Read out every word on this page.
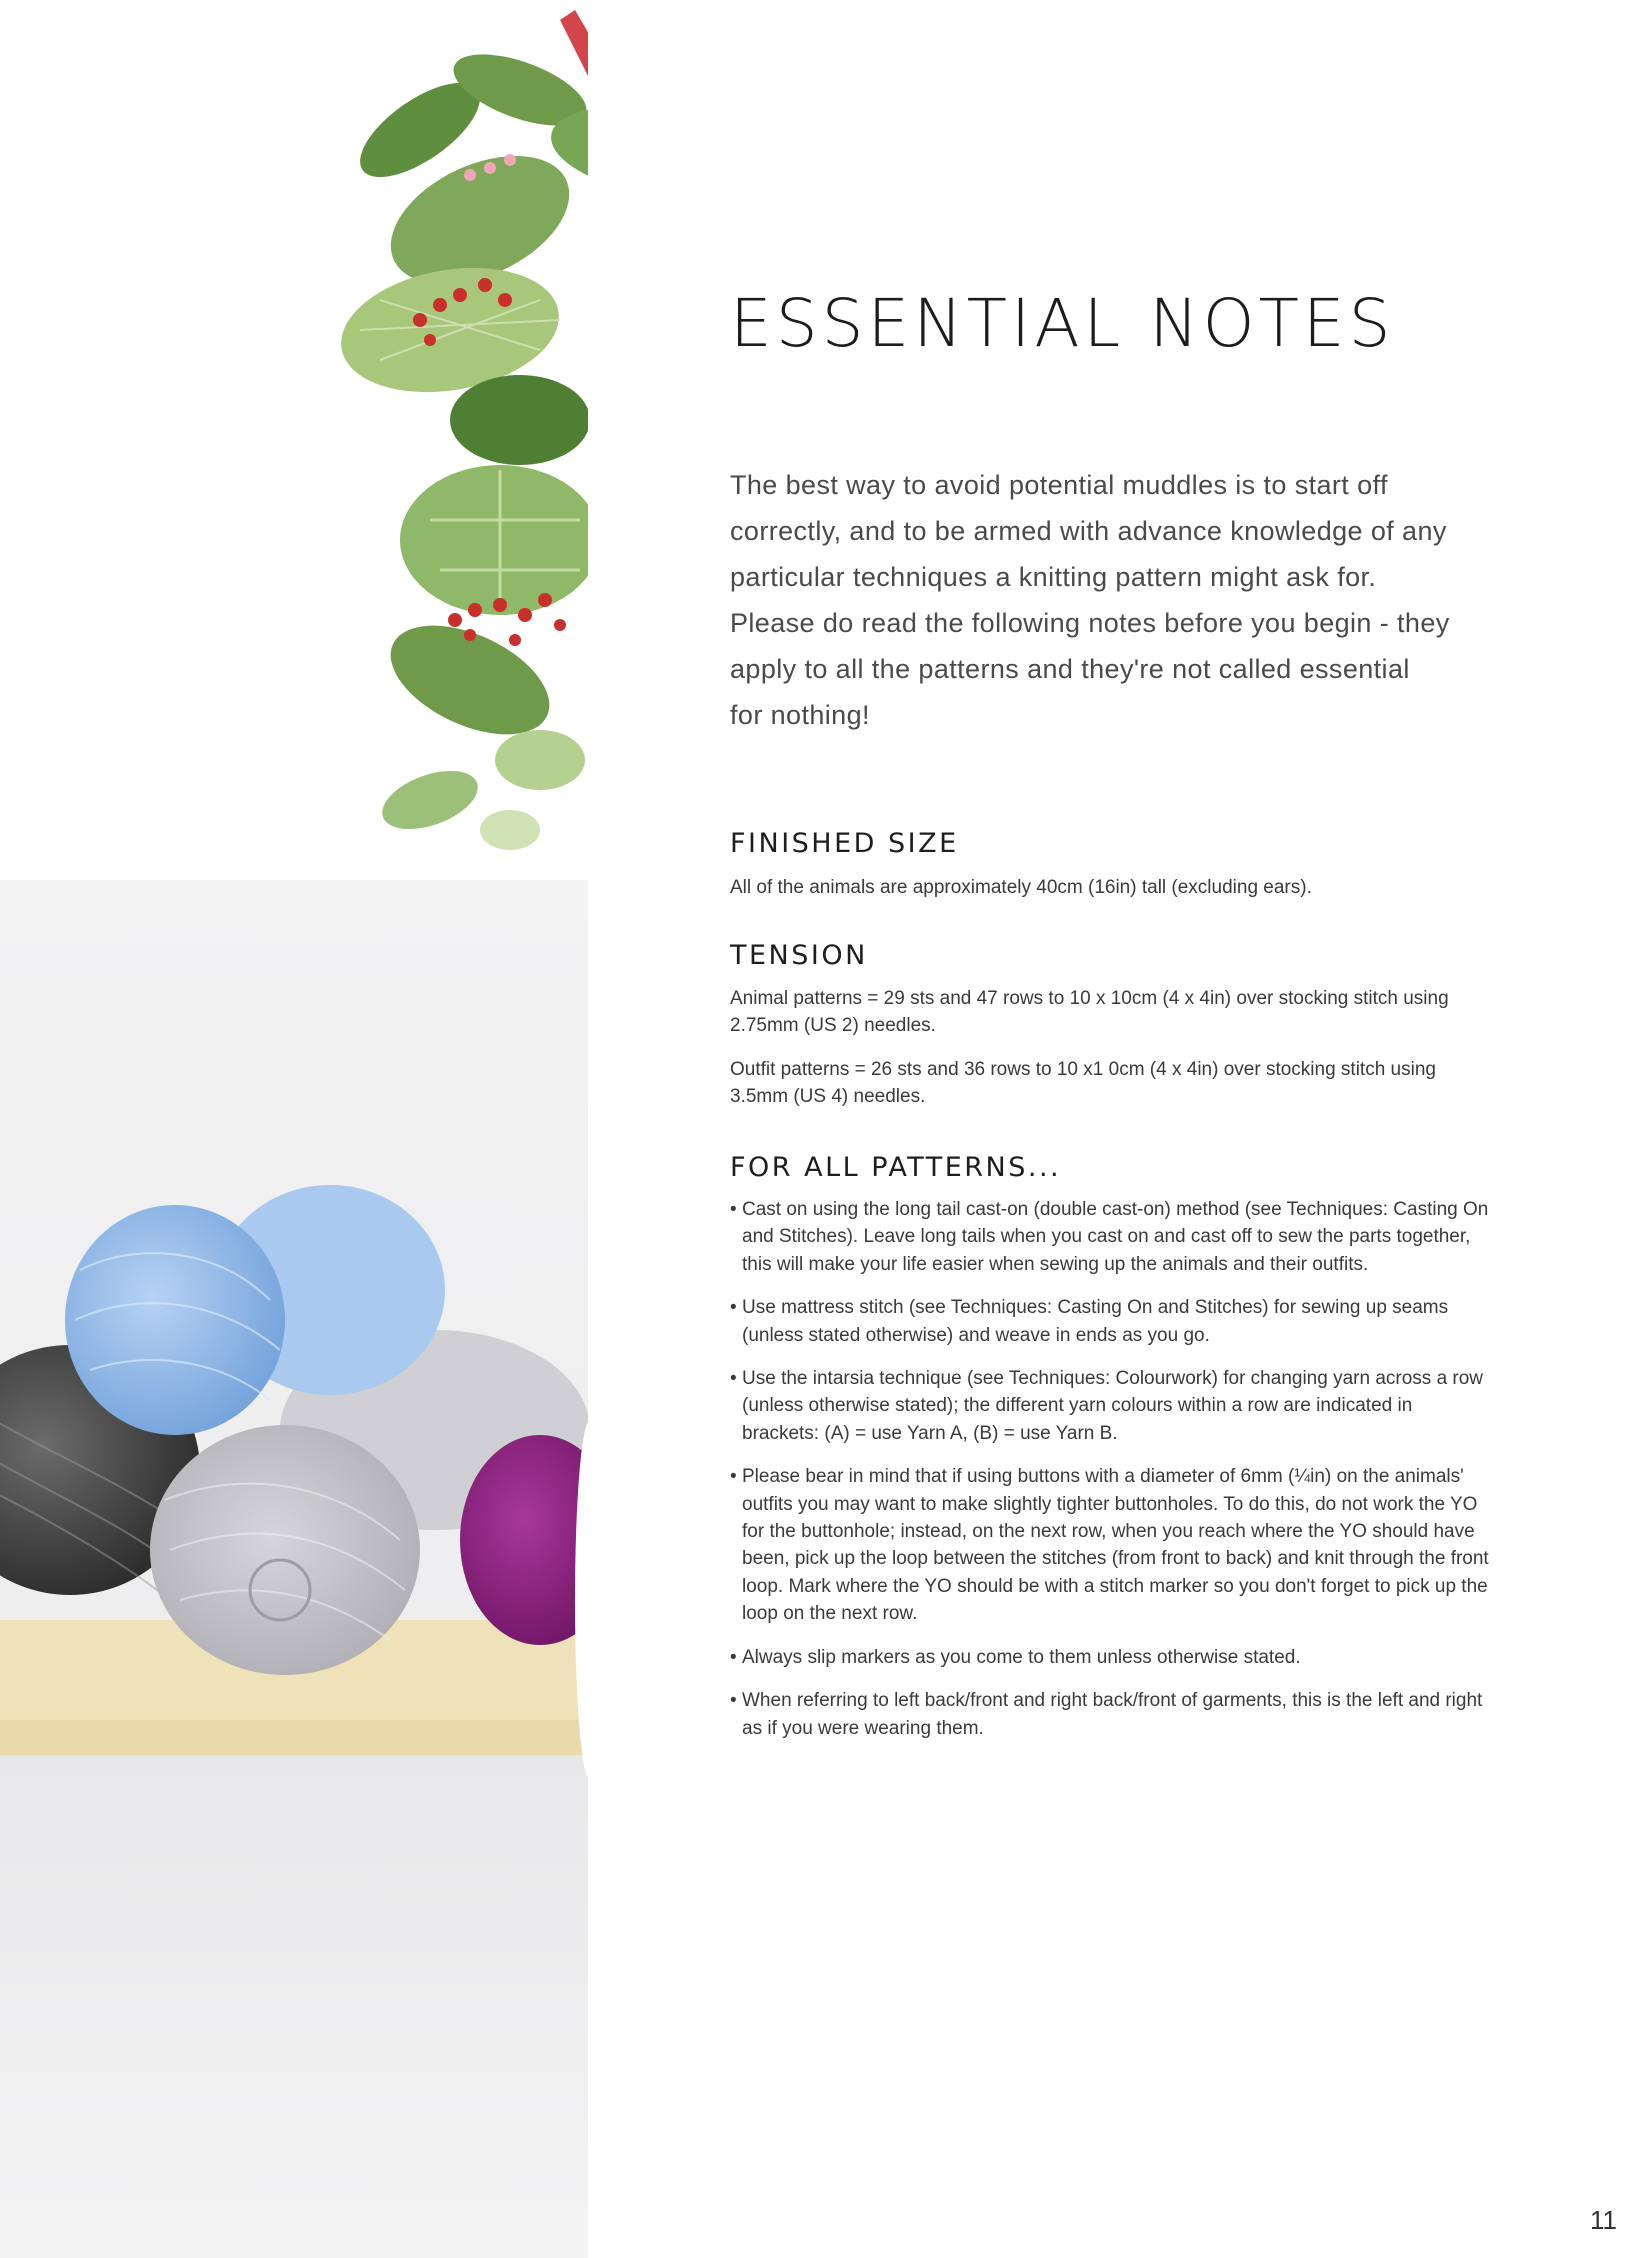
ESSENTIAL NOTES

The best way to avoid potential muddles is to start off correctly, and to be armed with advance knowledge of any particular techniques a knitting pattern might ask for. Please do read the following notes before you begin - they apply to all the patterns and they're not called essential for nothing!

FINISHED SIZE

All of the animals are approximately 40cm (16in) tall (excluding ears).

TENSION

Animal patterns = 29 sts and 47 rows to 10 x 10cm (4 x 4in) over stocking stitch using 2.75mm (US 2) needles.

Outfit patterns = 26 sts and 36 rows to 10 x1 0cm (4 x 4in) over stocking stitch using 3.5mm (US 4) needles.

FOR ALL PATTERNS...
• Cast on using the long tail cast-on (double cast-on) method (see Techniques: Casting On and Stitches). Leave long tails when you cast on and cast off to sew the parts together, this will make your life easier when sewing up the animals and their outfits.
• Use mattress stitch (see Techniques: Casting On and Stitches) for sewing up seams (unless stated otherwise) and weave in ends as you go.
• Use the intarsia technique (see Techniques: Colourwork) for changing yarn across a row (unless otherwise stated); the different yarn colours within a row are indicated in brackets: (A) = use Yarn A, (B) = use Yarn B.
• Please bear in mind that if using buttons with a diameter of 6mm (¼in) on the animals' outfits you may want to make slightly tighter buttonholes. To do this, do not work the YO for the buttonhole; instead, on the next row, when you reach where the YO should have been, pick up the loop between the stitches (from front to back) and knit through the front loop. Mark where the YO should be with a stitch marker so you don't forget to pick up the loop on the next row.
• Always slip markers as you come to them unless otherwise stated.
• When referring to left back/front and right back/front of garments, this is the left and right as if you were wearing them.
11
